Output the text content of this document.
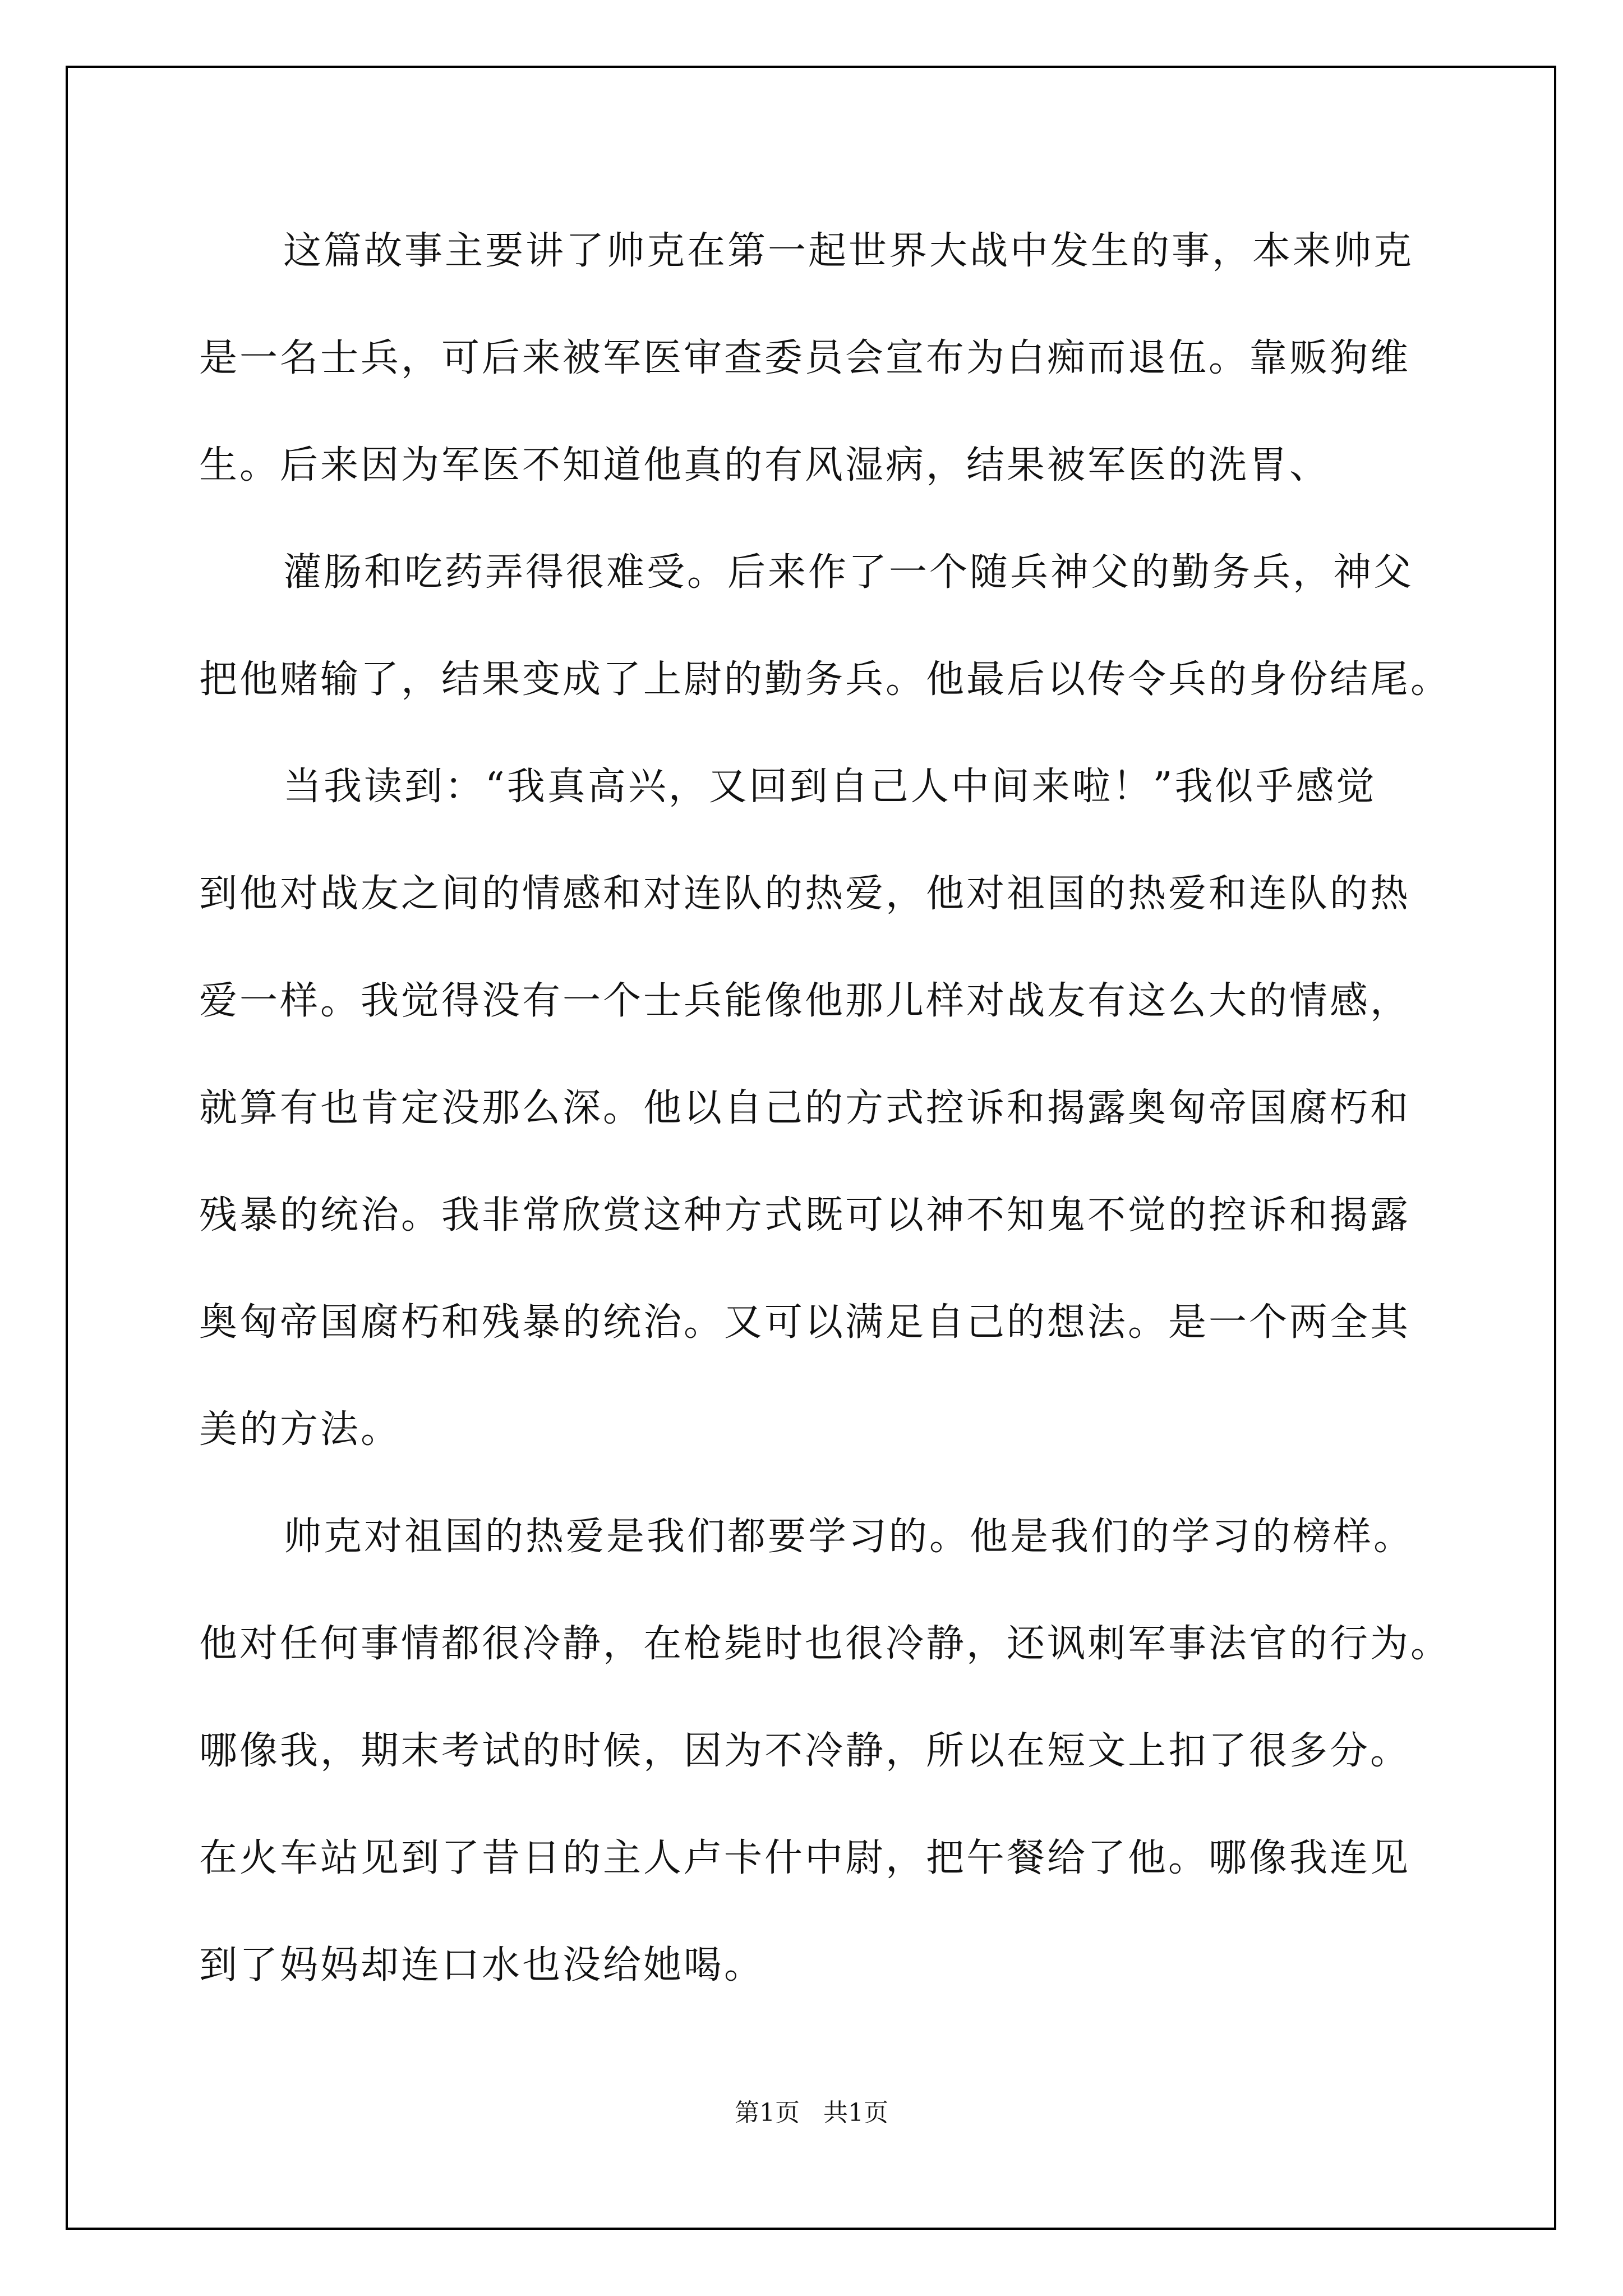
这篇故事主要讲了帅克在第一起世界大战中发生的事，本来帅克
是一名士兵，可后来被军医审查委员会宣布为白痴而退伍。靠贩狗维
生。后来因为军医不知道他真的有风湿病，结果被军医的洗胃、
灌肠和吃药弄得很难受。后来作了一个随兵神父的勤务兵，神父
把他赌输了，结果变成了上尉的勤务兵。他最后以传令兵的身份结尾。
当我读到：“我真高兴，又回到自己人中间来啦！”我似乎感觉
到他对战友之间的情感和对连队的热爱，他对祖国的热爱和连队的热
爱一样。我觉得没有一个士兵能像他那儿样对战友有这么大的情感，
就算有也肯定没那么深。他以自己的方式控诉和揭露奥匈帝国腐朽和
残暴的统治。我非常欣赏这种方式既可以神不知鬼不觉的控诉和揭露
奥匈帝国腐朽和残暴的统治。又可以满足自己的想法。是一个两全其
美的方法。
帅克对祖国的热爱是我们都要学习的。他是我们的学习的榜样。
他对任何事情都很冷静，在枪毙时也很冷静，还讽刺军事法官的行为。
哪像我，期末考试的时候，因为不冷静，所以在短文上扣了很多分。
在火车站见到了昔日的主人卢卡什中尉，把午餐给了他。哪像我连见
到了妈妈却连口水也没给她喝。
第1页   共1页
